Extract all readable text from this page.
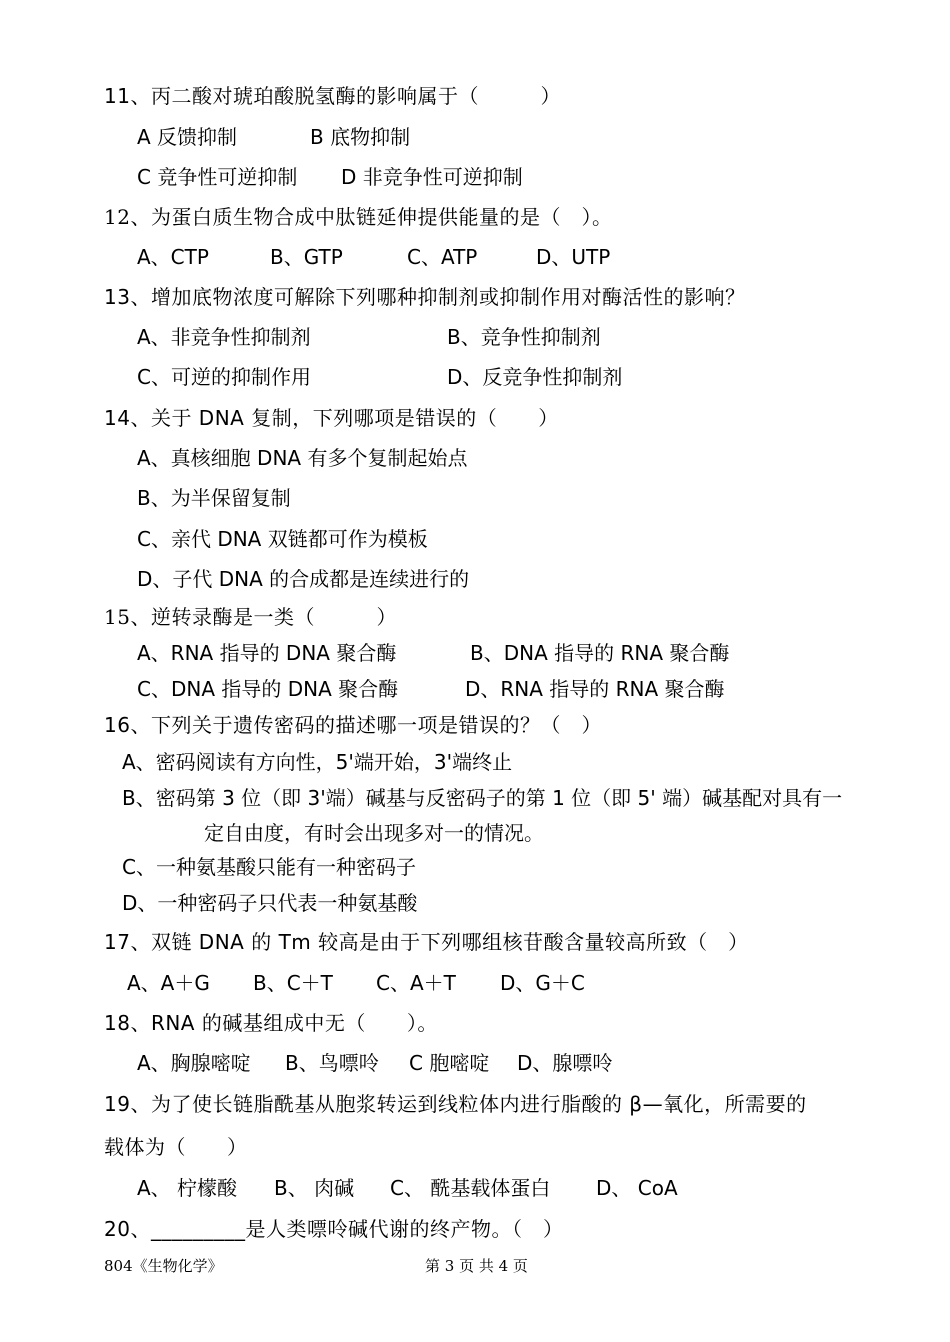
11、丙二酸对琥珀酸脱氢酶的影响属于（　　　）
A 反馈抑制	B 底物抑制
C 竞争性可逆抑制 D 非竞争性可逆抑制
12、为蛋白质生物合成中肽链延伸提供能量的是（　）。
A、CTP	B、GTP	C、ATP	D、UTP
13、增加底物浓度可解除下列哪种抑制剂或抑制作用对酶活性的影响？
A、非竞争性抑制剂	B、竞争性抑制剂
C、可逆的抑制作用	D、反竞争性抑制剂
14、关于 DNA 复制，下列哪项是错误的（　　）
A、真核细胞 DNA 有多个复制起始点
B、为半保留复制
C、亲代 DNA 双链都可作为模板
D、子代 DNA 的合成都是连续进行的
15、逆转录酶是一类（　　　）
A、RNA 指导的 DNA 聚合酶	B、DNA 指导的 RNA 聚合酶
C、DNA 指导的 DNA 聚合酶	D、RNA 指导的 RNA 聚合酶
16、下列关于遗传密码的描述哪一项是错误的？（　）
A、密码阅读有方向性，5'端开始，3'端终止
B、密码第 3 位（即 3'端）碱基与反密码子的第 1 位（即 5' 端）碱基配对具有一
定自由度，有时会出现多对一的情况。
C、一种氨基酸只能有一种密码子
D、一种密码子只代表一种氨基酸
17、双链 DNA 的 Tm 较高是由于下列哪组核苷酸含量较高所致（　）
A、A＋G B、C＋T C、A＋T D、G＋C
18、RNA 的碱基组成中无（　　）。
A、胸腺嘧啶 B、鸟嘌呤 C 胞嘧啶 D、腺嘌呤
19、为了使长链脂酰基从胞浆转运到线粒体内进行脂酸的 β—氧化，所需要的
载体为（　　）
A、 柠檬酸 B、 肉碱 C、 酰基载体蛋白 D、 CoA
20、_________是人类嘌呤碱代谢的终产物。（　）
804《生物化学》	第 3 页 共 4 页
